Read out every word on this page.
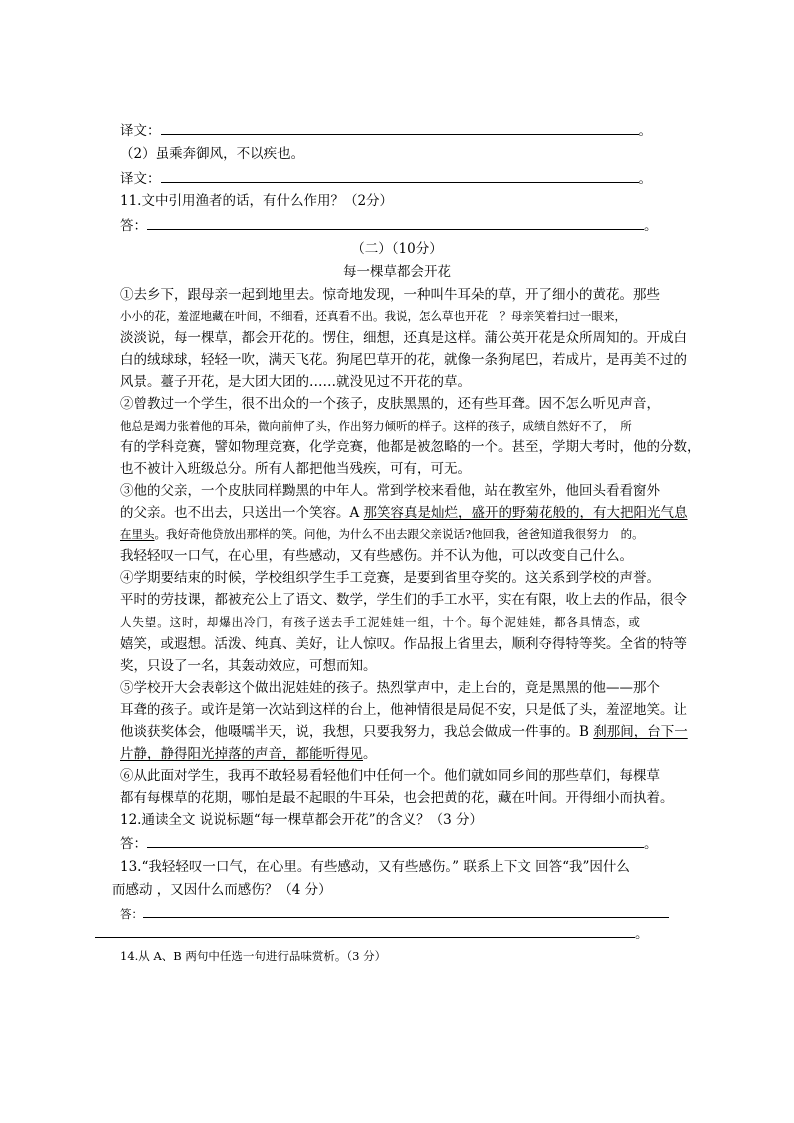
译文：	。
（2）虽乘奔御风，不以疾也。
译文：	。
11.文中引用渔者的话，有什么作用？（2分）
答：	。
（二）（10分）
每一棵草都会开花
①去乡下，跟母亲一起到地里去。惊奇地发现，一种叫牛耳朵的草，开了细小的黄花。那些
小小的花，羞涩地藏在叶间，不细看，还真看不出。我说，怎么草也开花　？母亲笑着扫过一眼来，
淡淡说，每一棵草，都会开花的。愣住，细想，还真是这样。蒲公英开花是众所周知的。开成白
白的绒球球，轻轻一吹，满天飞花。狗尾巴草开的花，就像一条狗尾巴，若成片，是再美不过的
风景。薹子开花，是大团大团的……就没见过不开花的草。
②曾教过一个学生，很不出众的一个孩子，皮肤黑黑的，还有些耳聋。因不怎么听见声音，
他总是竭力张着他的耳朵，微向前伸了头，作出努力倾听的样子。这样的孩子，成绩自然好不了，　所
有的学科竞赛，譬如物理竞赛，化学竞赛，他都是被忽略的一个。甚至，学期大考时，他的分数，
也不被计入班级总分。所有人都把他当残疾，可有，可无。
③他的父亲，一个皮肤同样黝黑的中年人。常到学校来看他，站在教室外，他回头看看窗外
的父亲。也不出去，只送出一个笑容。A 那笑容真是灿烂，盛开的野菊花般的，有大把阳光气息
在里头。我好奇他贷放出那样的笑。问他，为什么不出去跟父亲说话?他回我，爸爸知道我很努力　的。
我轻轻叹一口气，在心里，有些感动，又有些感伤。并不认为他，可以改变自己什么。
④学期要结束的时候，学校组织学生手工竞赛，是要到省里夺奖的。这关系到学校的声誉。
平时的劳技课，都被充公上了语文、数学，学生们的手工水平，实在有限，收上去的作品，很令
人失望。这时，却爆出冷门，有孩子送去手工泥娃娃一组，十个。每个泥娃娃，都各具情态，或
嬉笑，或遐想。活泼、纯真、美好，让人惊叹。作品报上省里去，顺利夺得特等奖。全省的特等
奖，只设了一名，其轰动效应，可想而知。
⑤学校开大会表彰这个做出泥娃娃的孩子。热烈掌声中，走上台的，竟是黑黑的他——那个
耳聋的孩子。或许是第一次站到这样的台上，他神情很是局促不安，只是低了头，羞涩地笑。让
他谈获奖体会，他嗫嚅半天，说，我想，只要我努力，我总会做成一件事的。B 刹那间，台下一
片静，静得阳光掉落的声音，都能听得见。
⑥从此面对学生，我再不敢轻易看轻他们中任何一个。他们就如同乡间的那些草们，每棵草
都有每棵草的花期，哪怕是最不起眼的牛耳朵，也会把黄的花，藏在叶间。开得细小而执着。
12.通读全文 说说标题“每一棵草都会开花”的含义？（3 分）
答：	。
13.“我轻轻叹一口气，在心里。有些感动，又有些感伤。” 联系上下文 回答“我”因什么
而感动 ，又因什么而感伤？（4 分）
答：
。
14.从 A、B 两句中任选一句进行品味赏析。（3 分）
